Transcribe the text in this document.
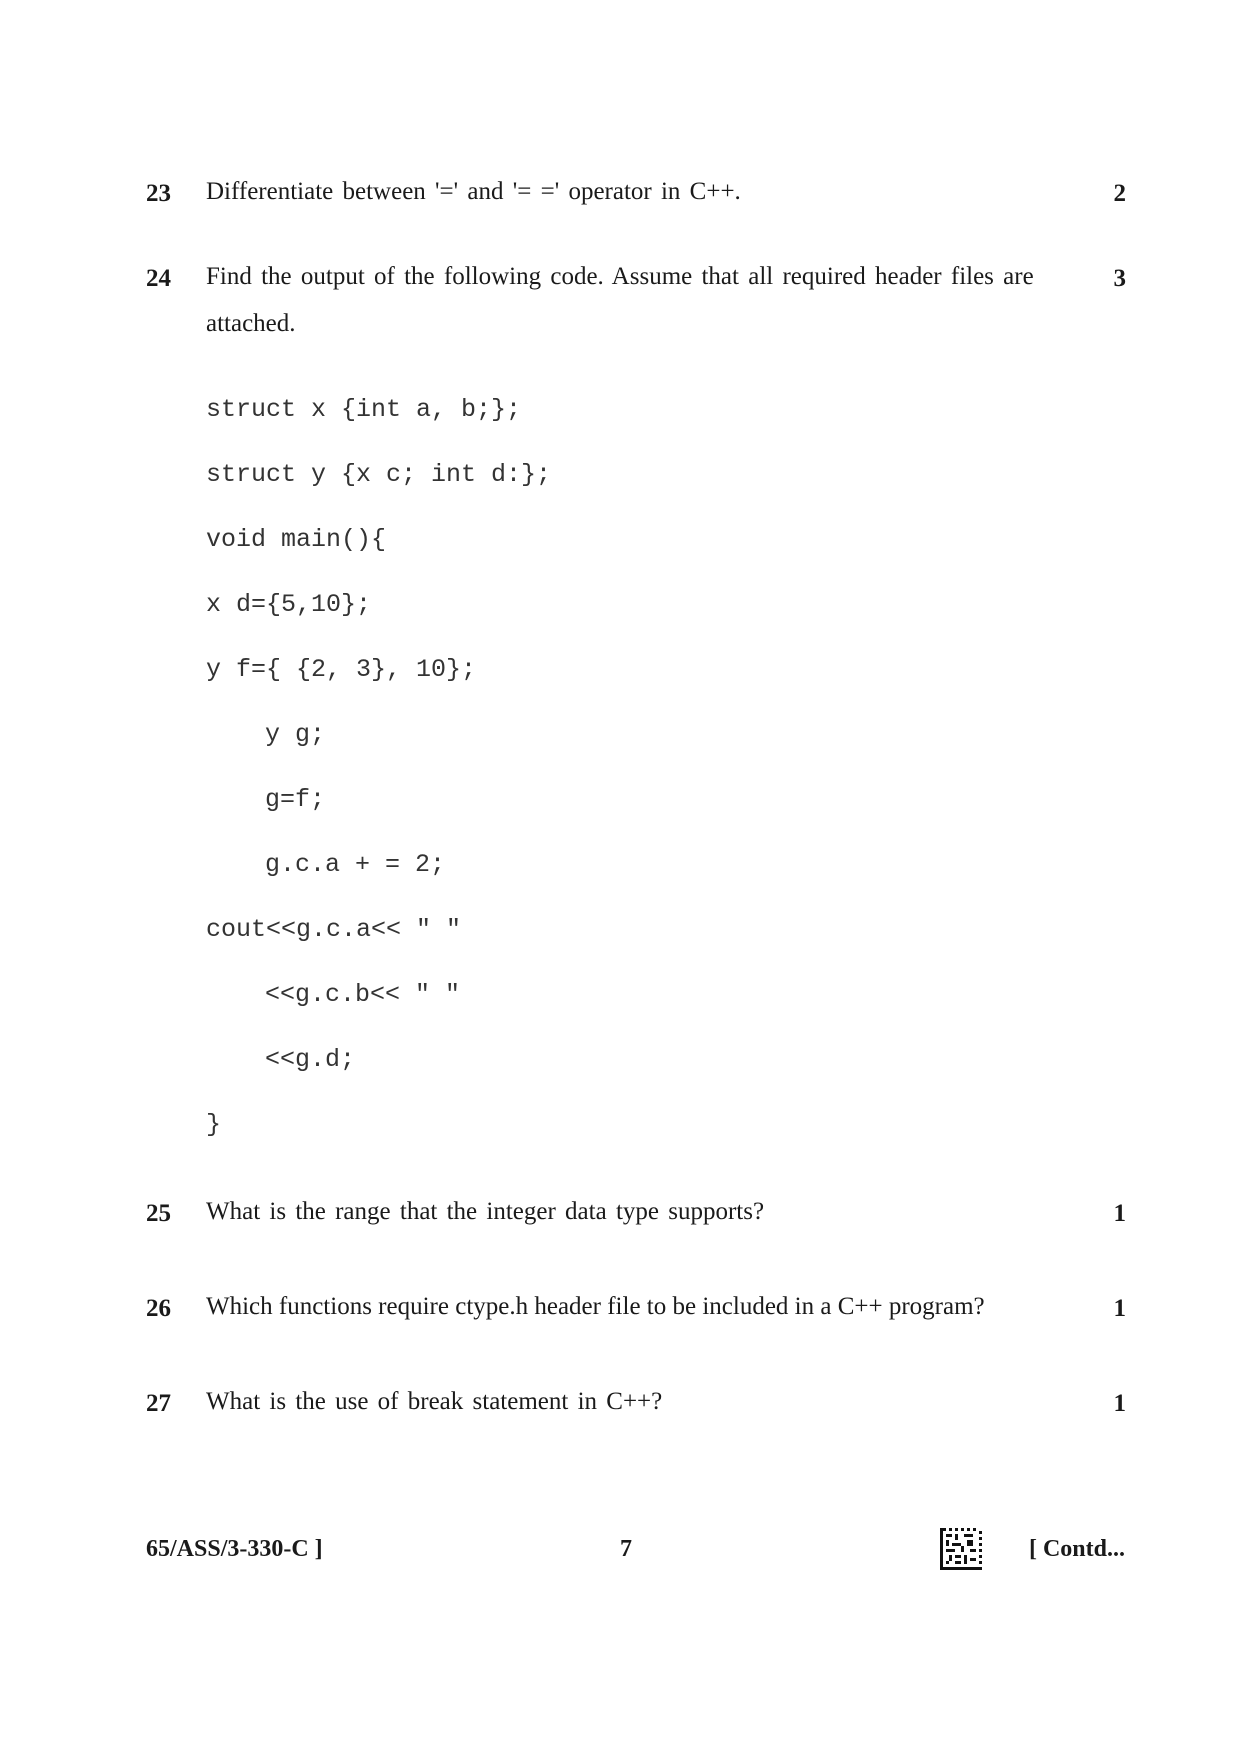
23 Differentiate between '=' and '= =' operator in C++.	2
24 Find the output of the following code. Assume that all required header files are attached.
3
struct x {int a, b;};
struct y {x c; int d:};
void main(){
x d={5,10};
y f={ {2, 3}, 10};
y g;
g=f;
g.c.a + = 2;
cout<<g.c.a<< " "
<<g.c.b<< " "
<<g.d;
}
25 What is the range that the integer data type supports?	1
26 Which functions require ctype.h header file to be included in a C++ program?	1
27 What is the use of break statement in C++?	1
65/ASS/3-330-C ]	7	[ Contd...
